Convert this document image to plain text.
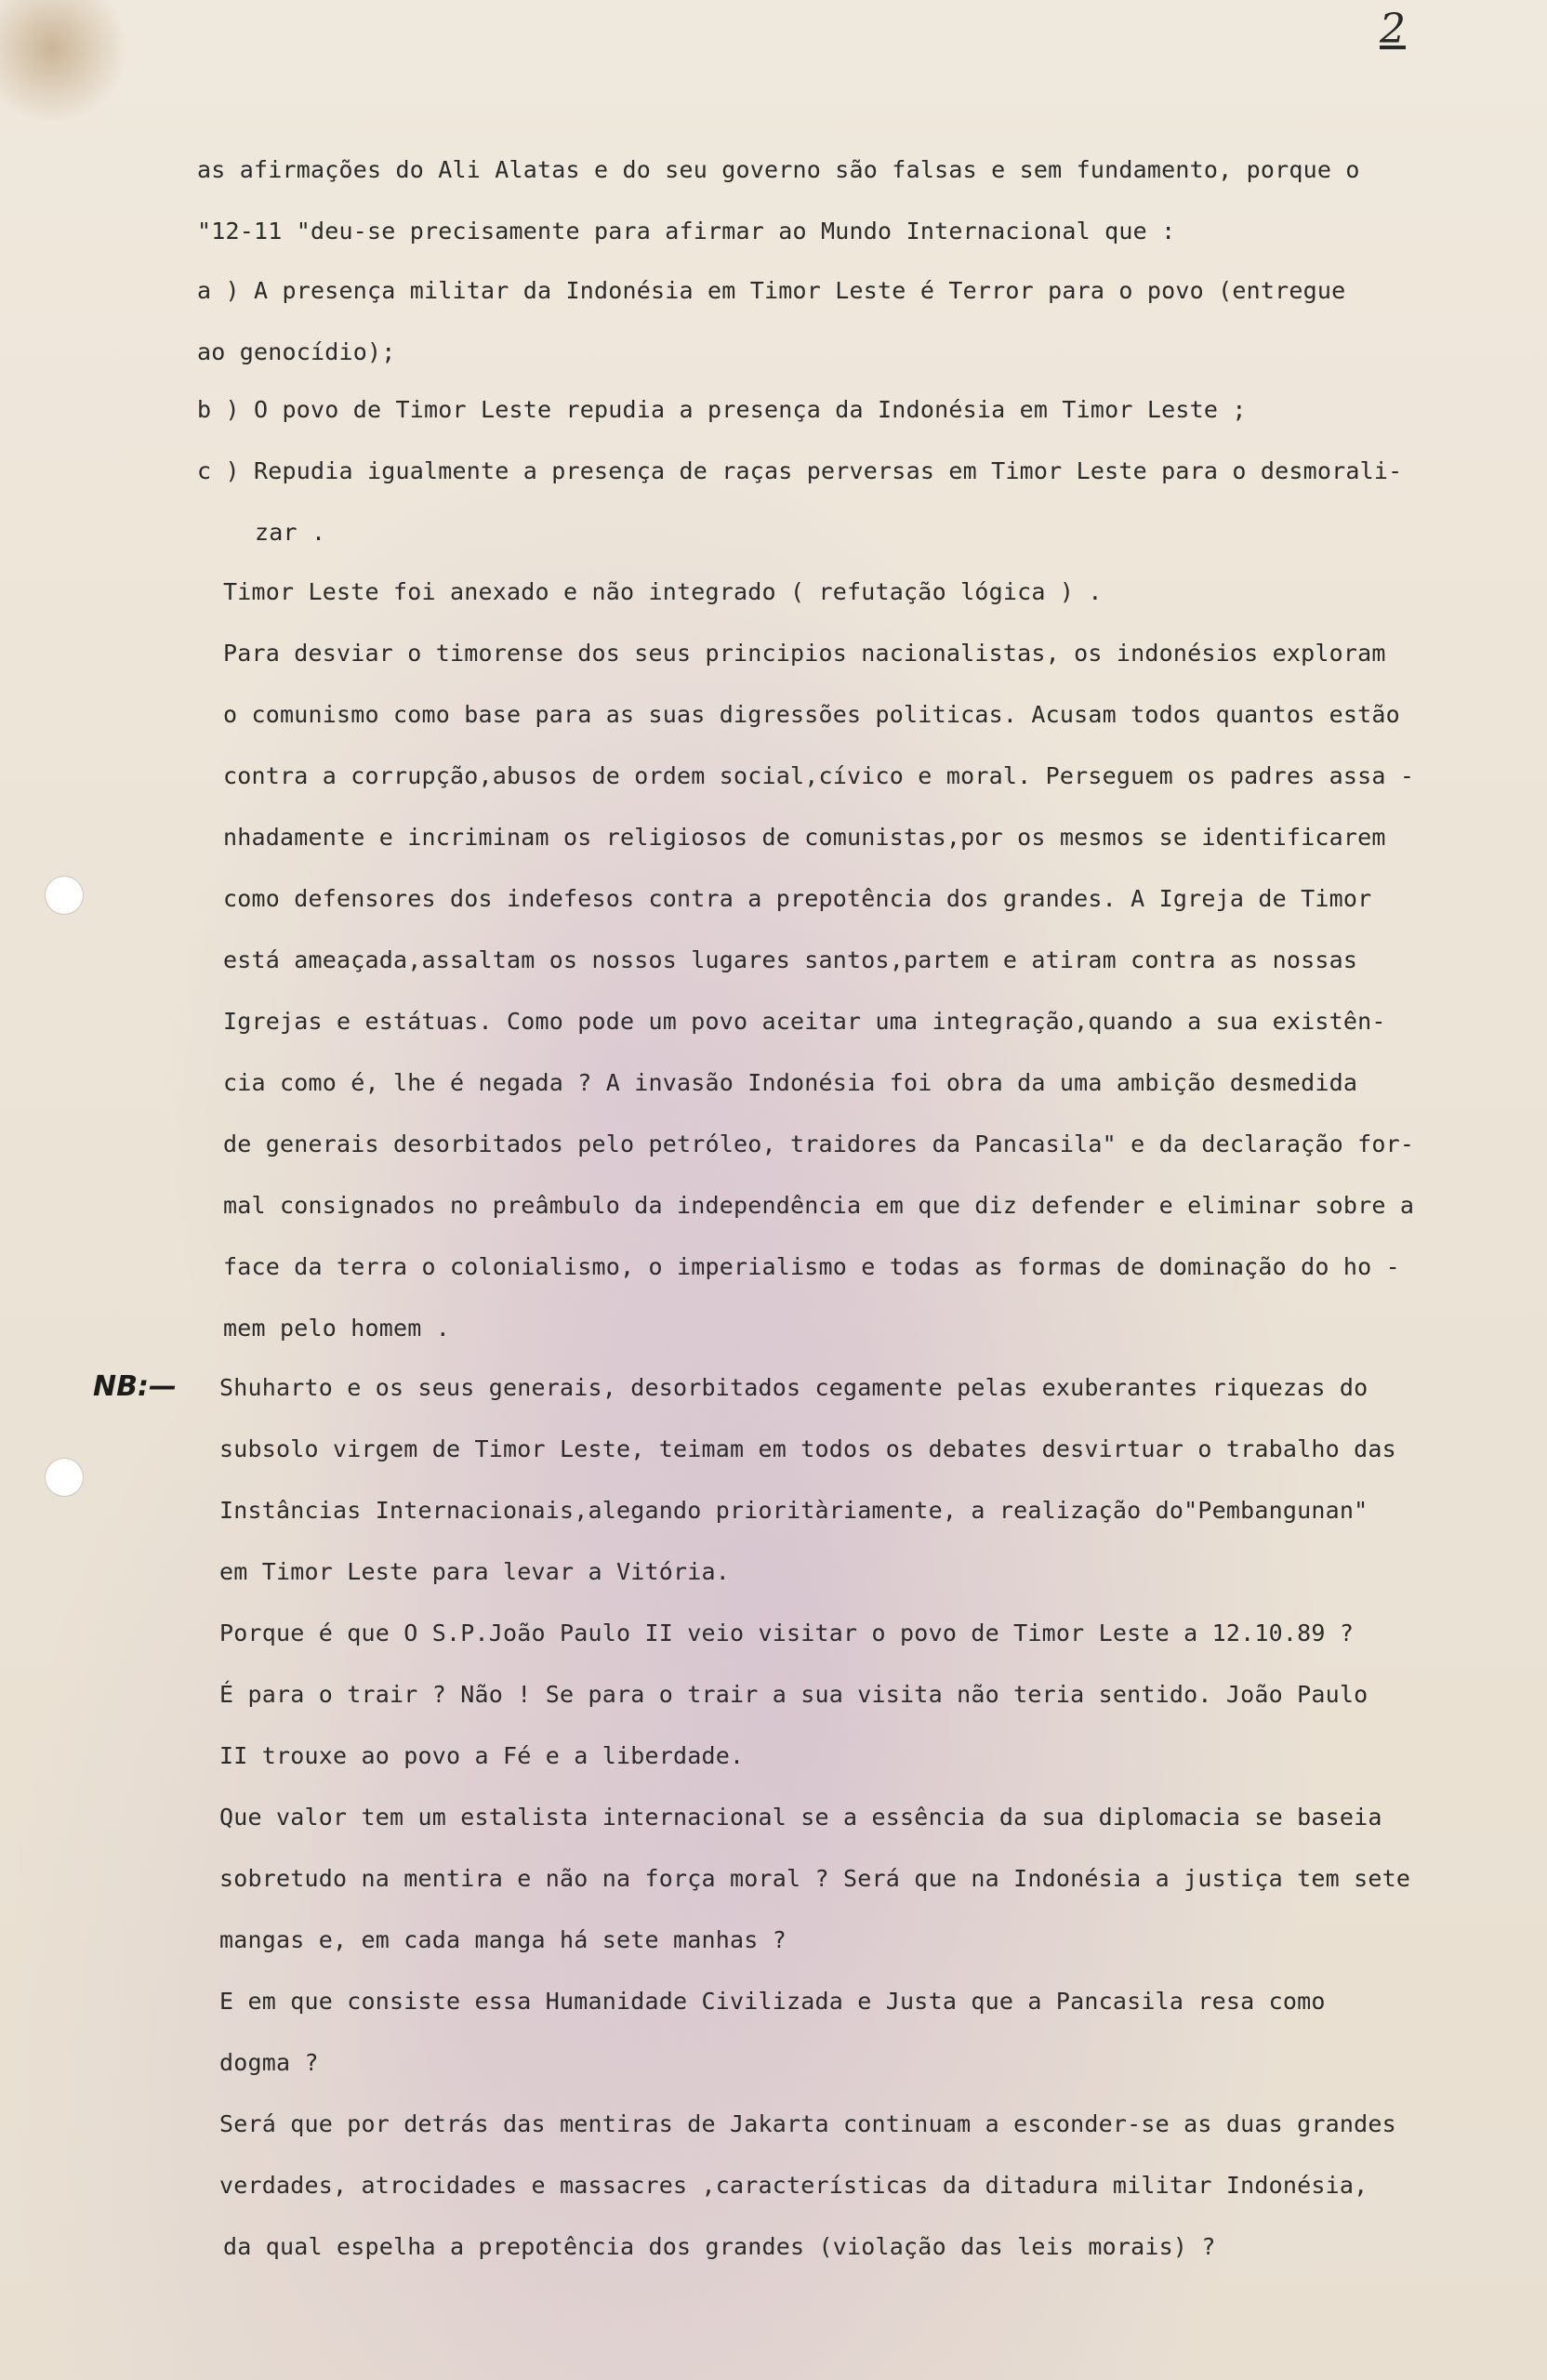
2
NB:—
as afirmações do Ali Alatas e do seu governo são falsas e sem fundamento, porque o
"12-11 "deu-se precisamente para afirmar ao Mundo Internacional que :
a ) A presença militar da Indonésia em Timor Leste é Terror para o povo (entregue
ao genocídio);
b ) O povo de Timor Leste repudia a presença da Indonésia em Timor Leste ;
c ) Repudia igualmente a presença de raças perversas em Timor Leste para o desmorali-
zar .
Timor Leste foi anexado e não integrado ( refutação lógica ) .
Para desviar o timorense dos seus principios nacionalistas, os indonésios exploram
o comunismo como base para as suas digressões politicas. Acusam todos quantos estão
contra a corrupção,abusos de ordem social,cívico e moral. Perseguem os padres assa -
nhadamente e incriminam os religiosos de comunistas,por os mesmos se identificarem
como defensores dos indefesos contra a prepotência dos grandes. A Igreja de Timor
está ameaçada,assaltam os nossos lugares santos,partem e atiram contra as nossas
Igrejas e estátuas. Como pode um povo aceitar uma integração,quando a sua existên-
cia como é, lhe é negada ? A invasão Indonésia foi obra da uma ambição desmedida
de generais desorbitados pelo petróleo, traidores da Pancasila" e da declaração for-
mal consignados no preâmbulo da independência em que diz defender e eliminar sobre a
face da terra o colonialismo, o imperialismo e todas as formas de dominação do ho -
mem pelo homem .
Shuharto e os seus generais, desorbitados cegamente pelas exuberantes riquezas do
subsolo virgem de Timor Leste, teimam em todos os debates desvirtuar o trabalho das
Instâncias Internacionais,alegando prioritàriamente, a realização do"Pembangunan"
em Timor Leste para levar a Vitória.
Porque é que O S.P.João Paulo II veio visitar o povo de Timor Leste a 12.10.89 ?
É para o trair ? Não ! Se para o trair a sua visita não teria sentido. João Paulo
II trouxe ao povo a Fé e a liberdade.
Que valor tem um estalista internacional se a essência da sua diplomacia se baseia
sobretudo na mentira e não na força moral ? Será que na Indonésia a justiça tem sete
mangas e, em cada manga há sete manhas ?
E em que consiste essa Humanidade Civilizada e Justa que a Pancasila resa como
dogma ?
Será que por detrás das mentiras de Jakarta continuam a esconder-se as duas grandes
verdades, atrocidades e massacres ,características da ditadura militar Indonésia,
da qual espelha a prepotência dos grandes (violação das leis morais) ?
